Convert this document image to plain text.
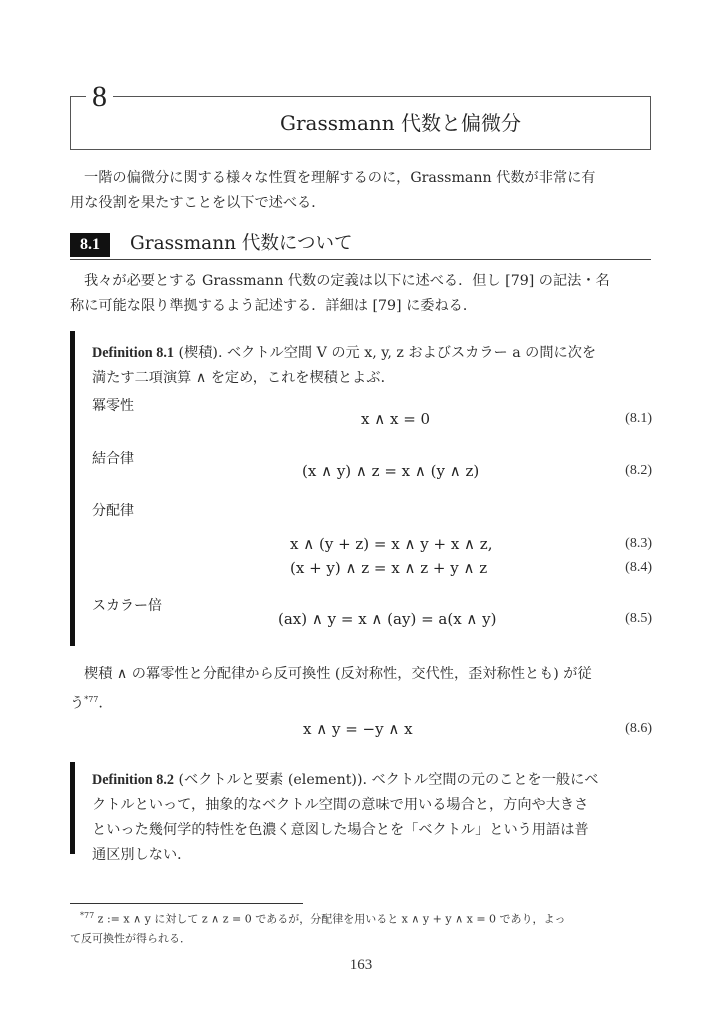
8
Grassmann 代数と偏微分
一階の偏微分に関する様々な性質を理解するのに，Grassmann 代数が非常に有
用な役割を果たすことを以下で述べる．
8.1	Grassmann 代数について
我々が必要とする Grassmann 代数の定義は以下に述べる．但し [79] の記法・名
称に可能な限り準拠するよう記述する．詳細は [79] に委ねる．
Definition 8.1 (楔積). ベクトル空間 V の元 x, y, z およびスカラー a の間に次を
満たす二項演算 ∧ を定め，これを楔積とよぶ．
冪零性
x ∧ x = 0	(8.1)
結合律
(x ∧ y) ∧ z = x ∧ (y ∧ z)	(8.2)
分配律
x ∧ (y + z) = x ∧ y + x ∧ z,	(8.3)
(x + y) ∧ z = x ∧ z + y ∧ z	(8.4)
スカラー倍
(ax) ∧ y = x ∧ (ay) = a(x ∧ y)	(8.5)
楔積 ∧ の冪零性と分配律から反可換性 (反対称性，交代性，歪対称性とも) が従
う$^{*77}$.
x ∧ y = −y ∧ x	(8.6)
Definition 8.2 (ベクトルと要素 (element)). ベクトル空間の元のことを一般にベ
クトルといって，抽象的なベクトル空間の意味で用いる場合と，方向や大きさ
といった幾何学的特性を色濃く意図した場合とを「ベクトル」という用語は普
通区別しない．
$^{*77}$ z := x ∧ y に対して z ∧ z = 0 であるが，分配律を用いると x ∧ y + y ∧ x = 0 であり，よっ
て反可換性が得られる．
163
